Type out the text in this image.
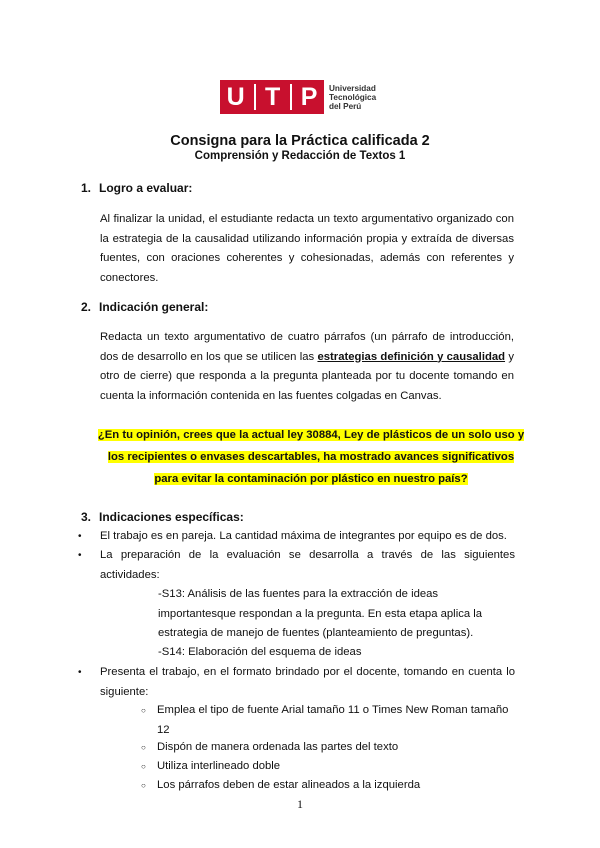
U T P Universidad
Tecnológica
del Perú
Consigna para la Práctica calificada 2
Comprensión y Redacción de Textos 1
1. Logro a evaluar:
Al finalizar la unidad, el estudiante redacta un texto argumentativo organizado con la estrategia de la causalidad utilizando información propia y extraída de diversas fuentes, con oraciones coherentes y cohesionadas, además con referentes y conectores.
2. Indicación general:
Redacta un texto argumentativo de cuatro párrafos (un párrafo de introducción, dos de desarrollo en los que se utilicen las estrategias definición y causalidad y otro de cierre) que responda a la pregunta planteada por tu docente tomando en cuenta la información contenida en las fuentes colgadas en Canvas.
¿En tu opinión, crees que la actual ley 30884, Ley de plásticos de un solo uso y los recipientes o envases descartables, ha mostrado avances significativos para evitar la contaminación por plástico en nuestro país?
3. Indicaciones específicas:
• El trabajo es en pareja. La cantidad máxima de integrantes por equipo es de dos.
• La preparación de la evaluación se desarrolla a través de las siguientes actividades:
-S13: Análisis de las fuentes para la extracción de ideas importantesque respondan a la pregunta. En esta etapa aplica la estrategia de manejo de fuentes (planteamiento de preguntas).
-S14: Elaboración del esquema de ideas
• Presenta el trabajo, en el formato brindado por el docente, tomando en cuenta lo siguiente:
○ Emplea el tipo de fuente Arial tamaño 11 o Times New Roman tamaño 12
○ Dispón de manera ordenada las partes del texto
○ Utiliza interlineado doble
○ Los párrafos deben de estar alineados a la izquierda
1
